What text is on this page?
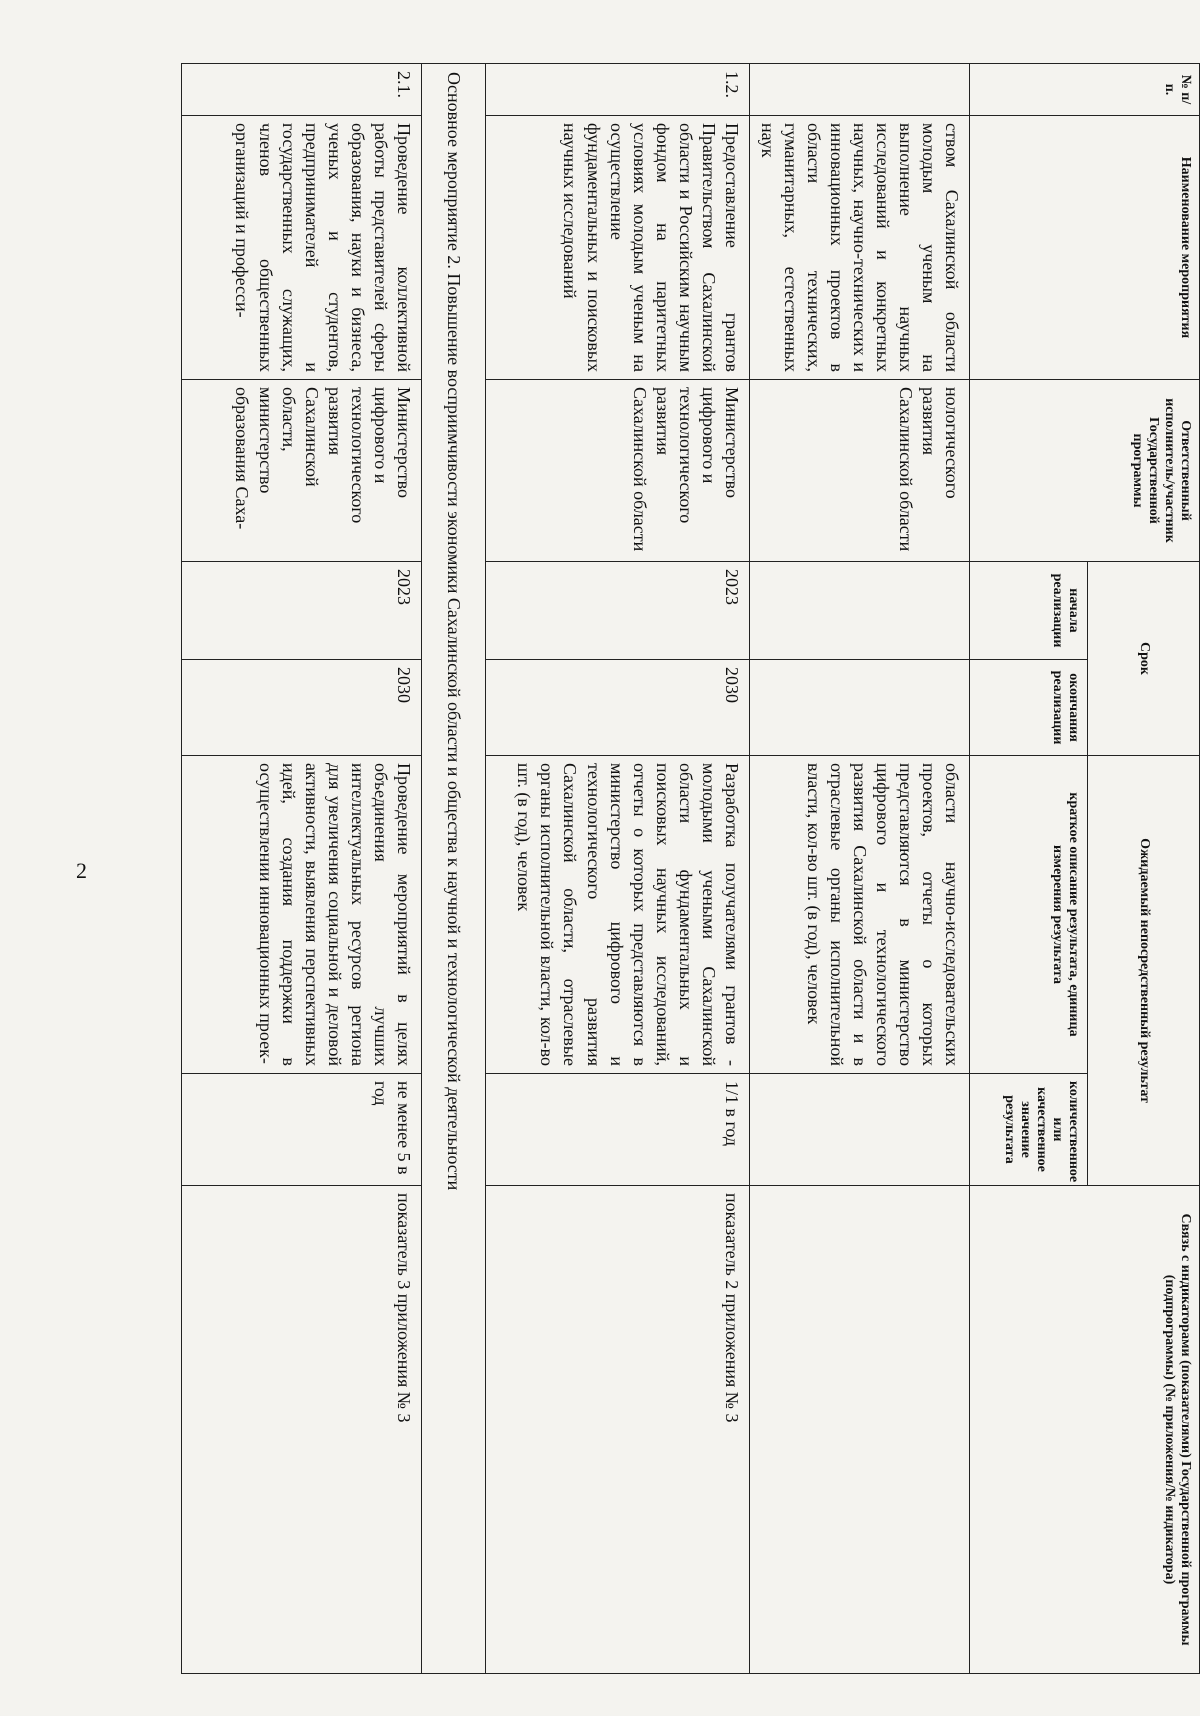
2
№ п/п.	Наименование мероприятия	Ответственный исполнитель/участник Государственной программы	Срок		Ожидаемый непосредственный результат		Связь с индикаторами (показателями) Государственной программы (подпрограммы) (№ приложения/№ индикатора)
			начала реализации	окончания реализации	краткое описание результата, единица измерения результата	количественное или качественное значение результата	
	ством Сахалинской области молодым ученым на выполнение научных исследований и конкретных научных, научно-технических и инновационных проектов в области технических, гуманитарных, естественных наук	нологического развития Сахалинской области			области научно-исследовательских проектов, отчеты о которых представляются в министерство цифрового и технологического развития Сахалинской области и в отраслевые органы исполнительной власти, кол-во шт. (в год), человек		
1.2.	Предоставление грантов Правительством Сахалинской области и Российским научным фондом на паритетных условиях молодым ученым на осуществление фундаментальных и поисковых научных исследований	Министерство цифрового и технологического развития Сахалинской области	2023	2030	Разработка получателями грантов - молодыми учеными Сахалинской области фундаментальных и поисковых научных исследований, отчеты о которых представляются в министерство цифрового и технологического развития Сахалинской области, отраслевые органы исполнительной власти, кол-во шт. (в год), человек	1/1 в год	показатель 2 приложения № 3
Основное мероприятие 2. Повышение восприимчивости экономики Сахалинской области и общества к научной и технологической деятельности							
2.1.	Проведение коллективной работы представителей сферы образования, науки и бизнеса, ученых и студентов, предпринимателей и государственных служащих, членов общественных организаций и професси-	Министерство цифрового и технологического развития Сахалинской области, министерство образования Саха-	2023	2030	Проведение мероприятий в целях объединения лучших интеллектуальных ресурсов региона для увеличения социальной и деловой активности, выявления перспективных идей, создания поддержки в осуществлении инновационных проек-	не менее 5 в год	показатель 3 приложения № 3
